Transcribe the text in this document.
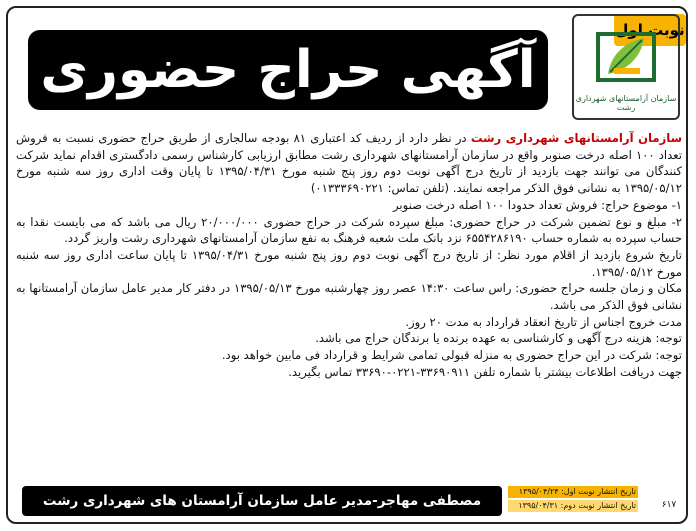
نوبت اول
آگهی حراج حضوری	سازمان آرامستانهای شهرداری رشت

سازمان آرامستانهای شهرداری رشت در نظر دارد از ردیف کد اعتباری ۸۱ بودجه سالجاری از طریق حراج حضوری نسبت به فروش تعداد ۱۰۰ اصله درخت صنوبر واقع در سازمان آرامستانهای شهرداری رشت مطابق ارزیابی کارشناس رسمی دادگستری اقدام نماید شرکت کنندگان می توانند جهت بازدید از تاریخ درج آگهی نوبت دوم روز پنج شنبه مورخ ۱۳۹۵/۰۴/۳۱ تا پایان وقت اداری روز سه شنبه مورخ ۱۳۹۵/۰۵/۱۲ به نشانی فوق الذکر مراجعه نمایند. (تلفن تماس: ۰۱۳۳۳۶۹۰۲۲۱)

۱- موضوع حراج: فروش تعداد حدودا ۱۰۰ اصله درخت صنوبر

۲- مبلغ و نوع تضمین شرکت در حراج حضوری: مبلغ سپرده شرکت در حراج حضوری ۲۰/۰۰۰/۰۰۰ ریال می باشد که می بایست نقدا به حساب سپرده به شماره حساب ۶۵۵۴۲۸۶۱۹۰ نزد بانک ملت شعبه فرهنگ به نفع سازمان آرامستانهای شهرداری رشت واریز گردد.

تاریخ شروع بازدید از اقلام مورد نظر: از تاریخ درج آگهی نوبت دوم روز پنج شنبه مورخ ۱۳۹۵/۰۴/۳۱ تا پایان ساعت اداری روز سه شنبه مورخ ۱۳۹۵/۰۵/۱۲.

مکان و زمان جلسه حراج حضوری: راس ساعت ۱۴:۳۰ عصر روز چهارشنبه مورخ ۱۳۹۵/۰۵/۱۳ در دفتر کار مدیر عامل سازمان آرامستانها به نشانی فوق الذکر می باشد.

مدت خروج اجناس از تاریخ انعقاد قرارداد به مدت ۲۰ روز.

توجه: هزینه درج آگهی و کارشناسی به عهده برنده یا برندگان حراج می باشد.

توجه: شرکت در این حراج حضوری به منزله قبولی تمامی شرایط و قرارداد فی مابین خواهد بود.

جهت دریافت اطلاعات بیشتر با شماره تلفن ۳۳۶۹۰۹۱۱-۰۲۲۱-۳۳۶۹۰ تماس بگیرید.

مصطفی مهاجر-مدیر عامل سازمان آرامستان های شهرداری رشت
تاریخ انتشار نوبت اول: ۱۳۹۵/۰۴/۲۴
تاریخ انتشار نوبت دوم: ۱۳۹۵/۰۴/۳۱	۶۱۷
